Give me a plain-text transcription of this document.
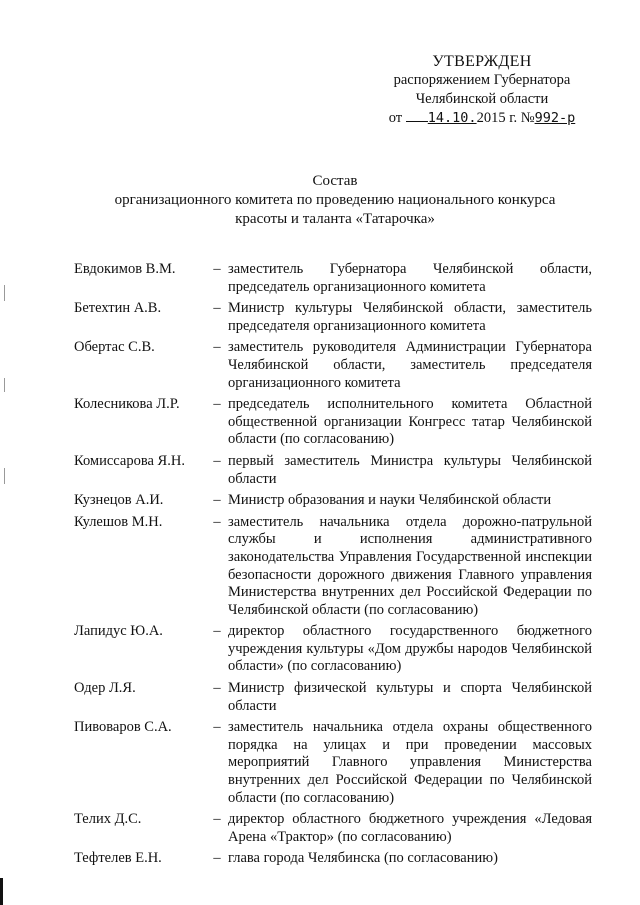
УТВЕРЖДЕН
распоряжением Губернатора
Челябинской области
от 14.10.2015 г. №992-р
Состав
организационного комитета по проведению национального конкурса
красоты и таланта «Татарочка»
Евдокимов В.М.	– заместитель Губернатора Челябинской области, председатель организационного комитета
Бетехтин А.В.	– Министр культуры Челябинской области, заместитель председателя организационного комитета
Обертас С.В.	– заместитель руководителя Администрации Губернатора Челябинской области, заместитель председателя организационного комитета
Колесникова Л.Р.	– председатель исполнительного комитета Областной общественной организации Конгресс татар Челябинской области (по согласованию)
Комиссарова Я.Н.	– первый заместитель Министра культуры Челябинской области
Кузнецов А.И.	– Министр образования и науки Челябинской области
Кулешов М.Н.	– заместитель начальника отдела дорожно-патрульной службы и исполнения административного законодательства Управления Государственной инспекции безопасности дорожного движения Главного управления Министерства внутренних дел Российской Федерации по Челябинской области (по согласованию)
Лапидус Ю.А.	– директор областного государственного бюджетного учреждения культуры «Дом дружбы народов Челябинской области» (по согласованию)
Одер Л.Я.	– Министр физической культуры и спорта Челябинской области
Пивоваров С.А.	– заместитель начальника отдела охраны общественного порядка на улицах и при проведении массовых мероприятий Главного управления Министерства внутренних дел Российской Федерации по Челябинской области (по согласованию)
Телих Д.С.	– директор областного бюджетного учреждения «Ледовая Арена «Трактор» (по согласованию)
Тефтелев Е.Н.	– глава города Челябинска (по согласованию)
